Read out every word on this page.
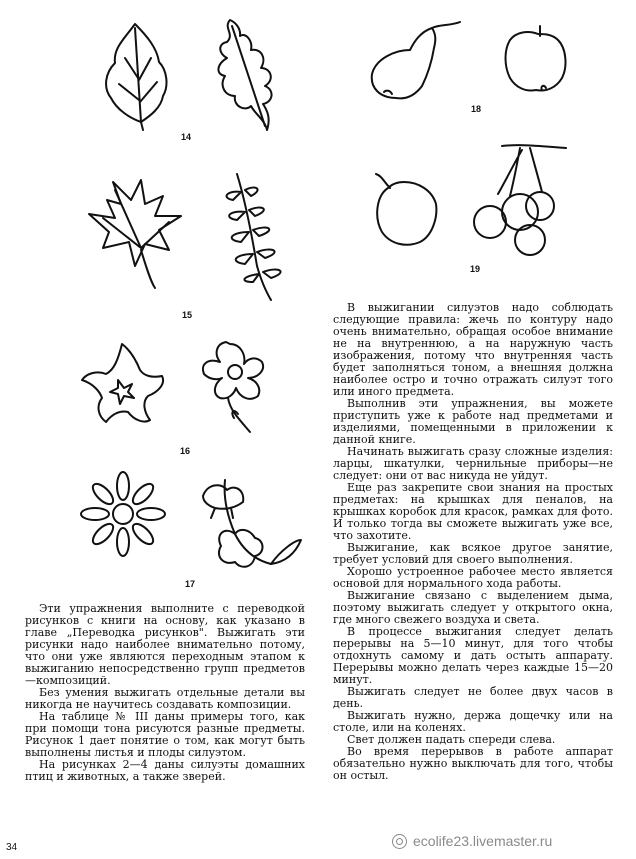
14
15
16
17
18
19

В выжигании силуэтов надо соблюдать следующие правила: жечь по контуру надо очень внимательно, обращая особое внимание не на внутреннюю, а на наружную часть изображения, потому что внутренняя часть будет заполняться тоном, а внешняя должна наиболее остро и точно отражать силуэт того или иного предмета.

Выполнив эти упражнения, вы можете приступить уже к работе над предметами и изделиями, помещенными в приложении к данной книге.

Начинать выжигать сразу сложные изделия: ларцы, шкатулки, чернильные приборы—не следует: они от вас никуда не уйдут.

Еще раз закрепите свои знания на простых предметах: на крышках для пеналов, на крышках коробок для красок, рамках для фото. И только тогда вы сможете выжигать уже все, что захотите.

Выжигание, как всякое другое занятие, требует условий для своего выполнения.

Хорошо устроенное рабочее место является основой для нормального хода работы.

Выжигание связано с выделением дыма, поэтому выжигать следует у открытого окна, где много свежего воздуха и света.

В процессе выжигания следует делать перерывы на 5—10 минут, для того чтобы отдохнуть самому и дать остыть аппарату. Перерывы можно делать через каждые 15—20 минут.

Выжигать следует не более двух часов в день.

Выжигать нужно, держа дощечку или на столе, или на коленях.

Свет должен падать спереди слева.

Во время перерывов в работе аппарат обязательно нужно выключать для того, чтобы он остыл.

Эти упражнения выполните с переводкой рисунков с книги на основу, как указано в главе „Переводка рисунков". Выжигать эти рисунки надо наиболее внимательно потому, что они уже являются переходным этапом к выжиганию непосредственно групп предметов—композиций.

Без умения выжигать отдельные детали вы никогда не научитесь создавать композиции.

На таблице № III даны примеры того, как при помощи тона рисуются разные предметы. Рисунок 1 дает понятие о том, как могут быть выполнены листья и плоды силуэтом.

На рисунках 2—4 даны силуэты домашних птиц и животных, а также зверей.

34	ecolife23.livemaster.ru
